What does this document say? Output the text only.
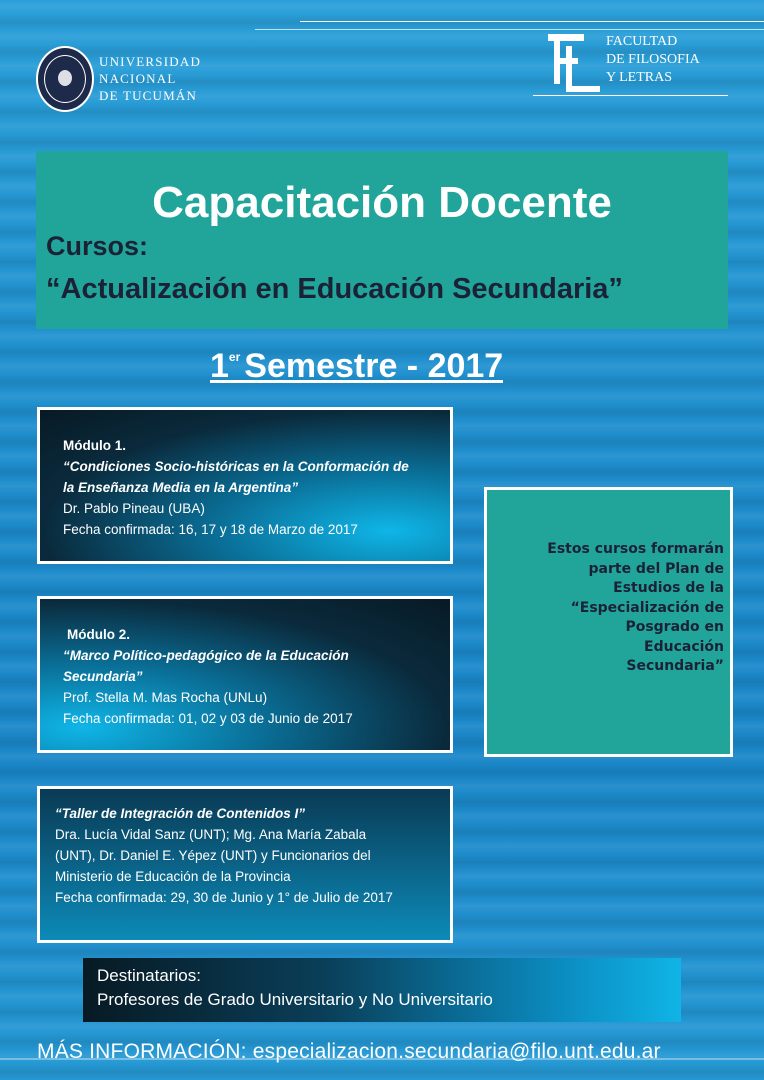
UNIVERSIDAD
NACIONAL
DE TUCUMÁN
FACULTAD
DE FILOSOFIA
Y LETRAS
Capacitación Docente
Cursos:
“Actualización en Educación Secundaria”
1er Semestre - 2017
Módulo 1.
“Condiciones Socio-históricas en la Conformación de
la Enseñanza Media en la Argentina”
Dr. Pablo Pineau (UBA)
Fecha confirmada: 16, 17 y 18 de Marzo de 2017
Módulo 2.
“Marco Político-pedagógico de la Educación
Secundaria”
Prof. Stella M. Mas Rocha (UNLu)
Fecha confirmada: 01, 02 y 03 de Junio de 2017
“Taller de Integración de Contenidos I”
Dra. Lucía Vidal Sanz (UNT); Mg. Ana María Zabala
(UNT), Dr. Daniel E. Yépez (UNT) y Funcionarios del
Ministerio de Educación de la Provincia
Fecha confirmada: 29, 30 de Junio y 1° de Julio de 2017
Estos cursos formarán
parte del Plan de
Estudios de la
“Especialización de
Posgrado en
Educación
Secundaria”
Destinatarios:
Profesores de Grado Universitario y No Universitario
MÁS INFORMACIÓN: especializacion.secundaria@filo.unt.edu.ar
